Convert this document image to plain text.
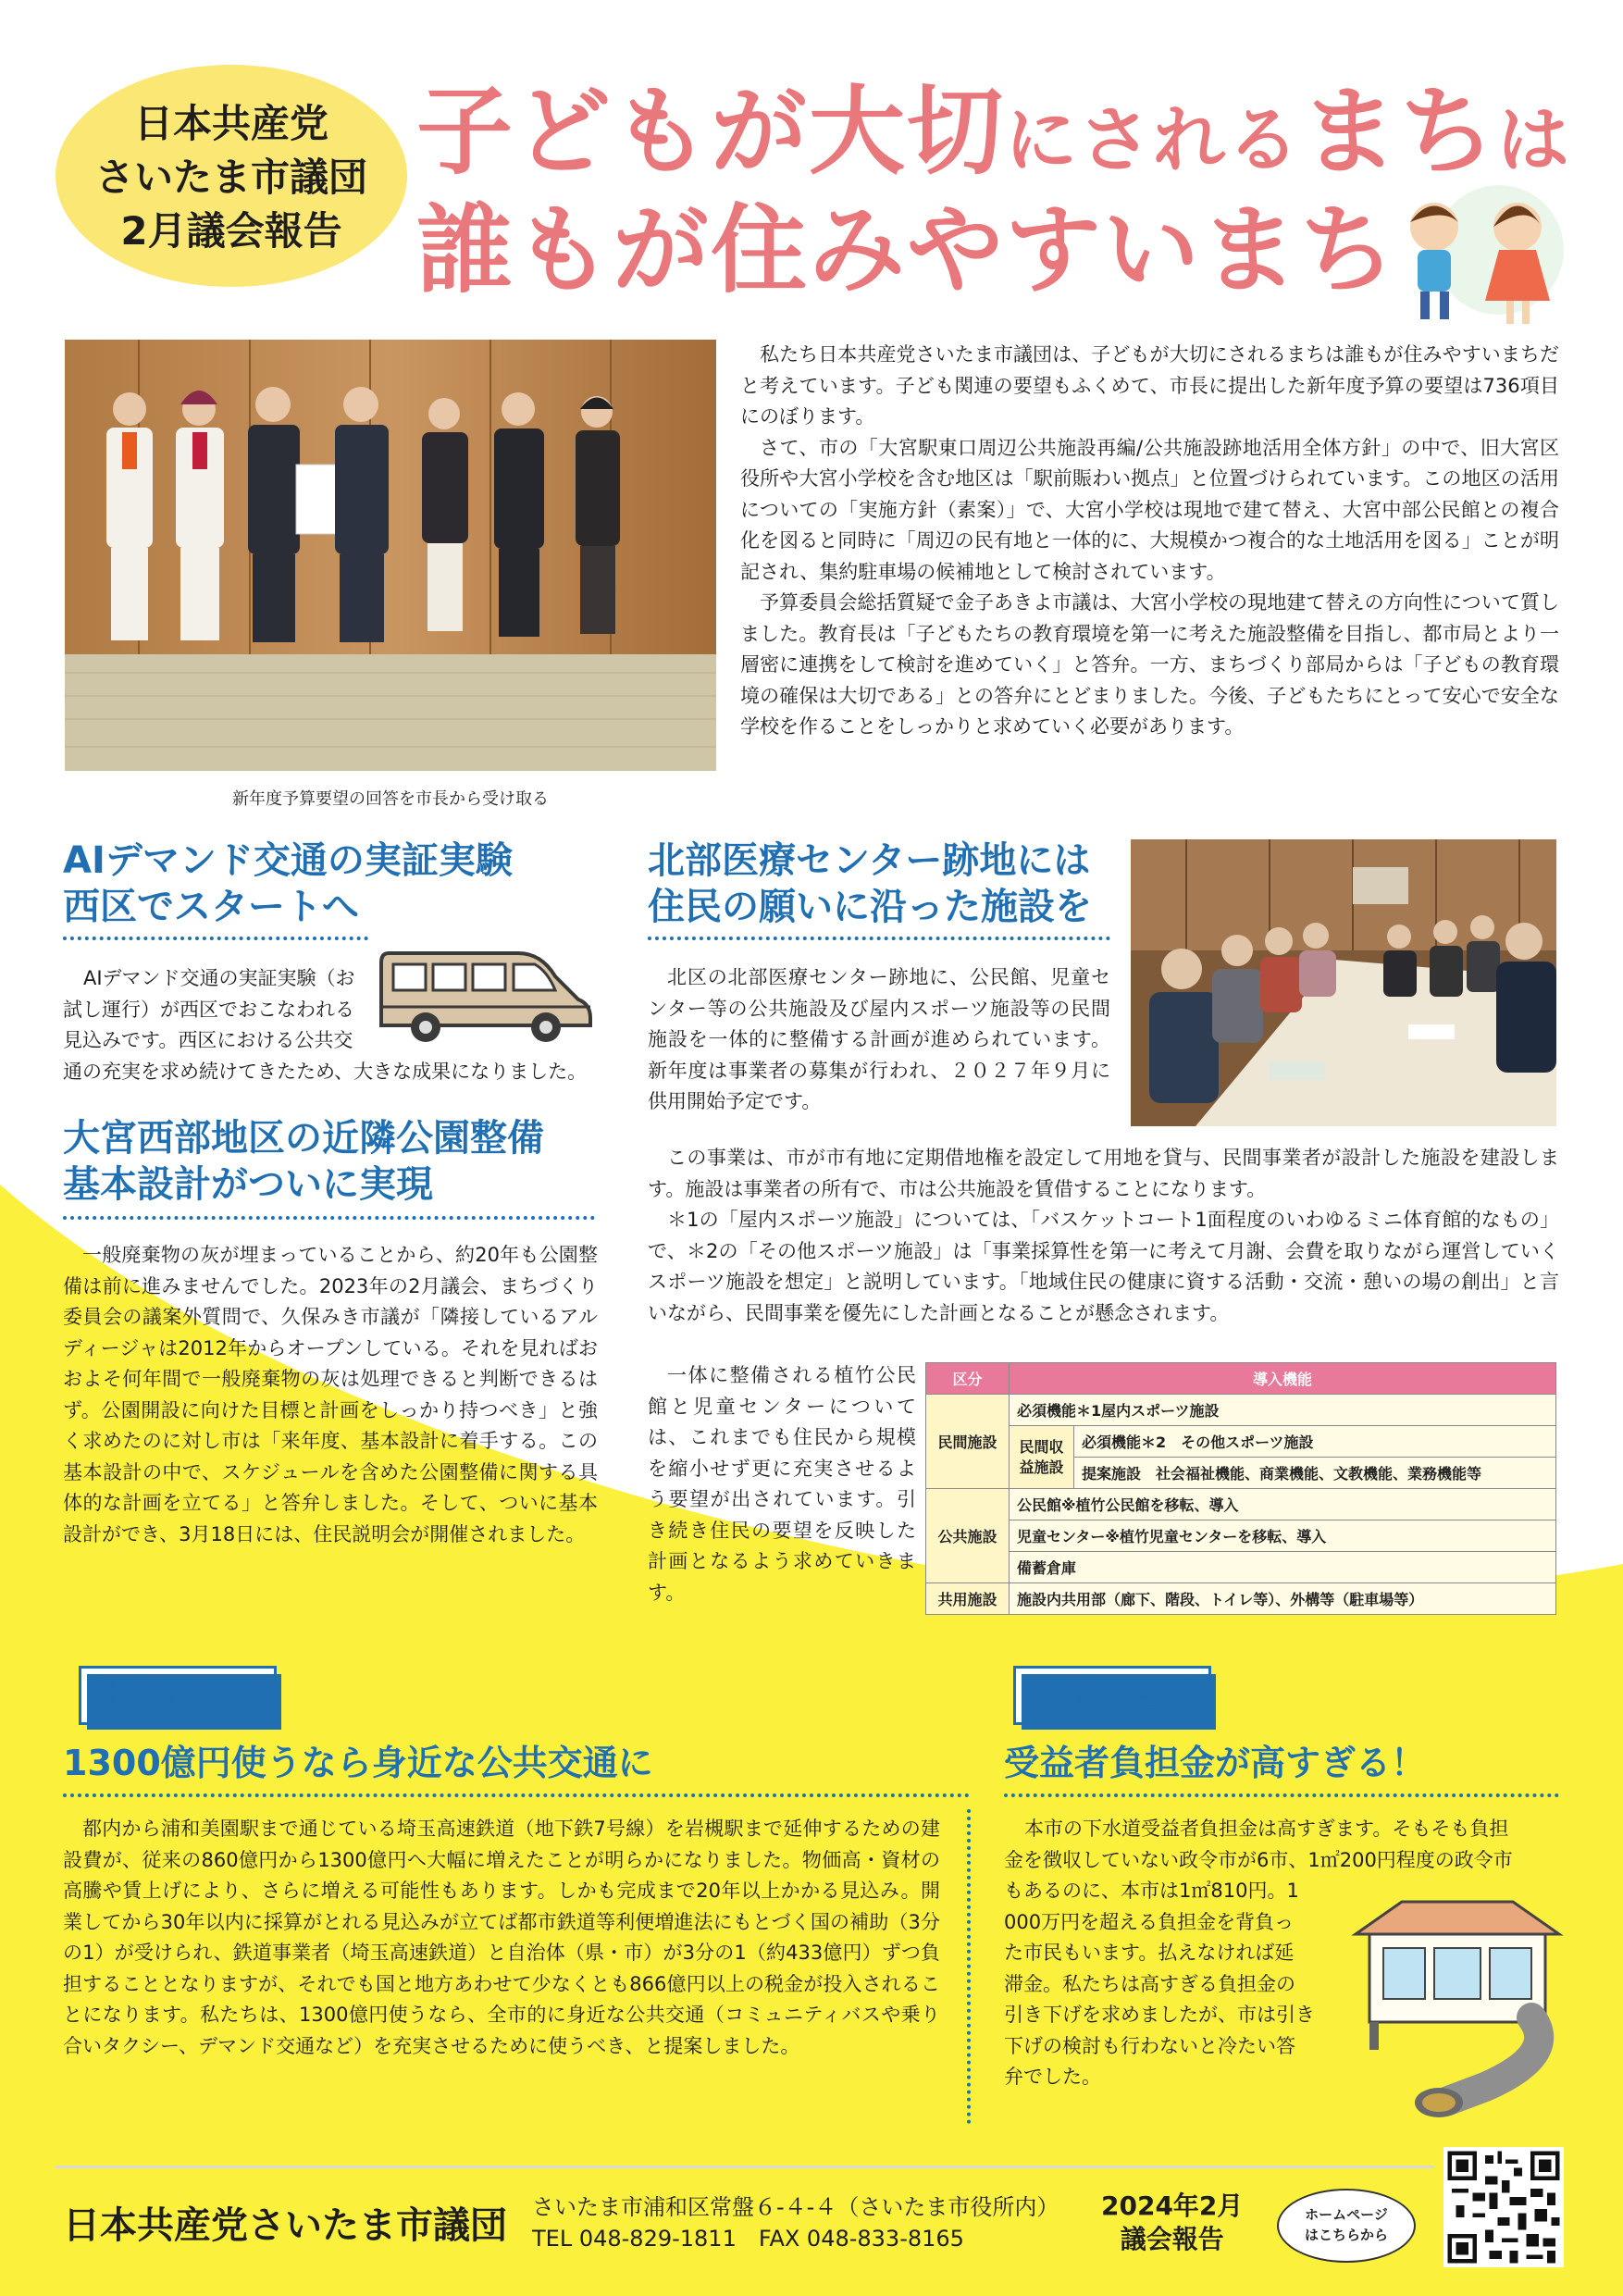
日本共産党
さいたま市議団
2月議会報告
子どもが大切にされるまちは
誰もが住みやすいまち
新年度予算要望の回答を市長から受け取る

私たち日本共産党さいたま市議団は、子どもが大切にされるまちは誰もが住みやすいまちだと考えています。子ども関連の要望もふくめて、市長に提出した新年度予算の要望は736項目にのぼります。

さて、市の「大宮駅東口周辺公共施設再編/公共施設跡地活用全体方針」の中で、旧大宮区役所や大宮小学校を含む地区は「駅前賑わい拠点」と位置づけられています。この地区の活用についての「実施方針（素案）」で、大宮小学校は現地で建て替え、大宮中部公民館との複合化を図ると同時に「周辺の民有地と一体的に、大規模かつ複合的な土地活用を図る」ことが明記され、集約駐車場の候補地として検討されています。

予算委員会総括質疑で金子あきよ市議は、大宮小学校の現地建て替えの方向性について質しました。教育長は「子どもたちの教育環境を第一に考えた施設整備を目指し、都市局とより一層密に連携をして検討を進めていく」と答弁。一方、まちづくり部局からは「子どもの教育環境の確保は大切である」との答弁にとどまりました。今後、子どもたちにとって安心で安全な学校を作ることをしっかりと求めていく必要があります。

AIデマンド交通の実証実験
西区でスタートへ
AIデマンド交通の実証実験（お
試し運行）が西区でおこなわれる
見込みです。西区における公共交
通の充実を求め続けてきたため、大きな成果になりました。
大宮西部地区の近隣公園整備
基本設計がついに実現

一般廃棄物の灰が埋まっていることから、約20年も公園整備は前に進みませんでした。2023年の2月議会、まちづくり委員会の議案外質問で、久保みき市議が「隣接しているアルディージャは2012年からオープンしている。それを見ればおおよそ何年間で一般廃棄物の灰は処理できると判断できるはず。公園開設に向けた目標と計画をしっかり持つべき」と強く求めたのに対し市は「来年度、基本設計に着手する。この基本設計の中で、スケジュールを含めた公園整備に関する具体的な計画を立てる」と答弁しました。そして、ついに基本設計ができ、3月18日には、住民説明会が開催されました。

北部医療センター跡地には
住民の願いに沿った施設を

北区の北部医療センター跡地に、公民館、児童センター等の公共施設及び屋内スポーツ施設等の民間施設を一体的に整備する計画が進められています。新年度は事業者の募集が行われ、２０２７年９月に供用開始予定です。

この事業は、市が市有地に定期借地権を設定して用地を貸与、民間事業者が設計した施設を建設します。施設は事業者の所有で、市は公共施設を賃借することになります。

＊1の「屋内スポーツ施設」については、「バスケットコート1面程度のいわゆるミニ体育館的なもの」で、＊2の「その他スポーツ施設」は「事業採算性を第一に考えて月謝、会費を取りながら運営していくスポーツ施設を想定」と説明しています。「地域住民の健康に資する活動・交流・憩いの場の創出」と言いながら、民間事業を優先にした計画となることが懸念されます。

一体に整備される植竹公民館と児童センターについては、これまでも住民から規模を縮小せず更に充実させるよう要望が出されています。引き続き住民の要望を反映した計画となるよう求めていきます。

区分	導入機能	
民間施設	必須機能＊1屋内スポーツ施設	
	民間収益施設	必須機能＊2　その他スポーツ施設
		提案施設　社会福祉機能、商業機能、文教機能、業務機能等
公共施設	公民館※植竹公民館を移転、導入	
	児童センター※植竹児童センターを移転、導入	
	備蓄倉庫	
共用施設	施設内共用部（廊下、階段、トイレ等）、外構等（駐車場等）	
地下鉄延伸
1300億円使うなら身近な公共交通に

都内から浦和美園駅まで通じている埼玉高速鉄道（地下鉄7号線）を岩槻駅まで延伸するための建設費が、従来の860億円から1300億円へ大幅に増えたことが明らかになりました。物価高・資材の高騰や賃上げにより、さらに増える可能性もあります。しかも完成まで20年以上かかる見込み。開業してから30年以内に採算がとれる見込みが立てば都市鉄道等利便増進法にもとづく国の補助（3分の1）が受けられ、鉄道事業者（埼玉高速鉄道）と自治体（県・市）が3分の1（約433億円）ずつ負担することとなりますが、それでも国と地方あわせて少なくとも866億円以上の税金が投入されることになります。私たちは、1300億円使うなら、全市的に身近な公共交通（コミュニティバスや乗り合いタクシー、デマンド交通など）を充実させるために使うべき、と提案しました。

下水道整備
受益者負担金が高すぎる！
本市の下水道受益者負担金は高すぎます。そもそも負担
金を徴収していない政令市が6市、1㎡200円程度の政令市
もあるのに、本市は1㎡810円。1
000万円を超える負担金を背負っ
た市民もいます。払えなければ延
滞金。私たちは高すぎる負担金の
引き下げを求めましたが、市は引き
下げの検討も行わないと冷たい答
弁でした。
日本共産党さいたま市議団 さいたま市浦和区常盤６-４-４（さいたま市役所内）
TEL 048-829-1811　FAX 048-833-8165
2024年2月
議会報告
ホームページ
はこちらから
